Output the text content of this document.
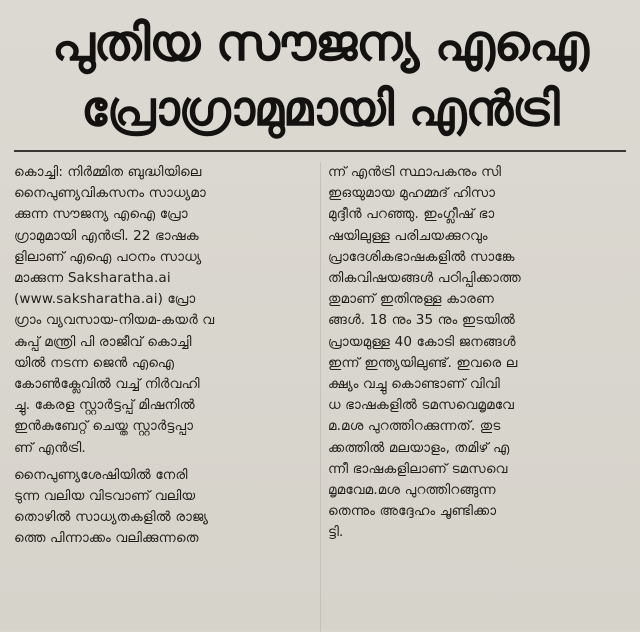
പുതിയ സൗജന്യ എഐ
പ്രോഗ്രാമുമായി എൻട്രി

കൊച്ചി: നിർമ്മിത ബുദ്ധിയിലെ
നൈപുണ്യവികസനം സാധ്യമാ
ക്കുന്ന സൗജന്യ എഐ പ്രോ
ഗ്രാമുമായി എൻട്രി. 22 ഭാഷക
ളിലാണ് എഐ പഠനം സാധ്യ
മാക്കുന്ന Saksharatha.ai
(www.saksharatha.ai) പ്രോ
ഗ്രാം വ്യവസായ-നിയമ-കയർ വ
കുപ്പ് മന്ത്രി പി രാജീവ് കൊച്ചി
യിൽ നടന്ന ജെൻ എഐ
കോൺക്ലേവിൽ വച്ച് നിർവഹി
ച്ചു. കേരള സ്റ്റാർട്ടപ്പ് മിഷനിൽ
ഇൻകുബേറ്റ് ചെയ്ത സ്റ്റാർട്ടപ്പാ
ണ് എൻട്രി.

നൈപുണ്യശേഷിയിൽ നേരി
ടുന്ന വലിയ വിടവാണ് വലിയ
തൊഴിൽ സാധ്യതകളിൽ രാജ്യ
ത്തെ പിന്നാക്കം വലിക്കുന്നതെ

ന്ന് എൻട്രി സ്ഥാപകനും സി
ഇഒയുമായ മുഹമ്മദ് ഹിസാ
മുദ്ദീൻ പറഞ്ഞു. ഇംഗ്ലീഷ് ഭാ
ഷയിലുള്ള പരിചയക്കുറവും
പ്രാദേശികഭാഷകളിൽ സാങ്കേ
തികവിഷയങ്ങൾ പഠിപ്പിക്കാത്ത
തുമാണ് ഇതിനുള്ള കാരണ
ങ്ങൾ. 18 നും 35 നും ഇടയിൽ
പ്രായമുള്ള 40 കോടി ജനങ്ങൾ
ഇന്ന് ഇന്ത്യയിലുണ്ട്. ഇവരെ ല
ക്ഷ്യം വച്ചു കൊണ്ടാണ് വിവി
ധ ഭാഷകളിൽ ടമസവെമൃമവേ
മ.മശ പുറത്തിറക്കുന്നത്. തുട
ക്കത്തിൽ മലയാളം, തമിഴ് എ
ന്നീ ഭാഷകളിലാണ് ടമസവെ
മൃമവേമ.മശ പുറത്തിറങ്ങുന്ന
തെന്നും അദ്ദേഹം ചൂണ്ടിക്കാ
ട്ടി.
